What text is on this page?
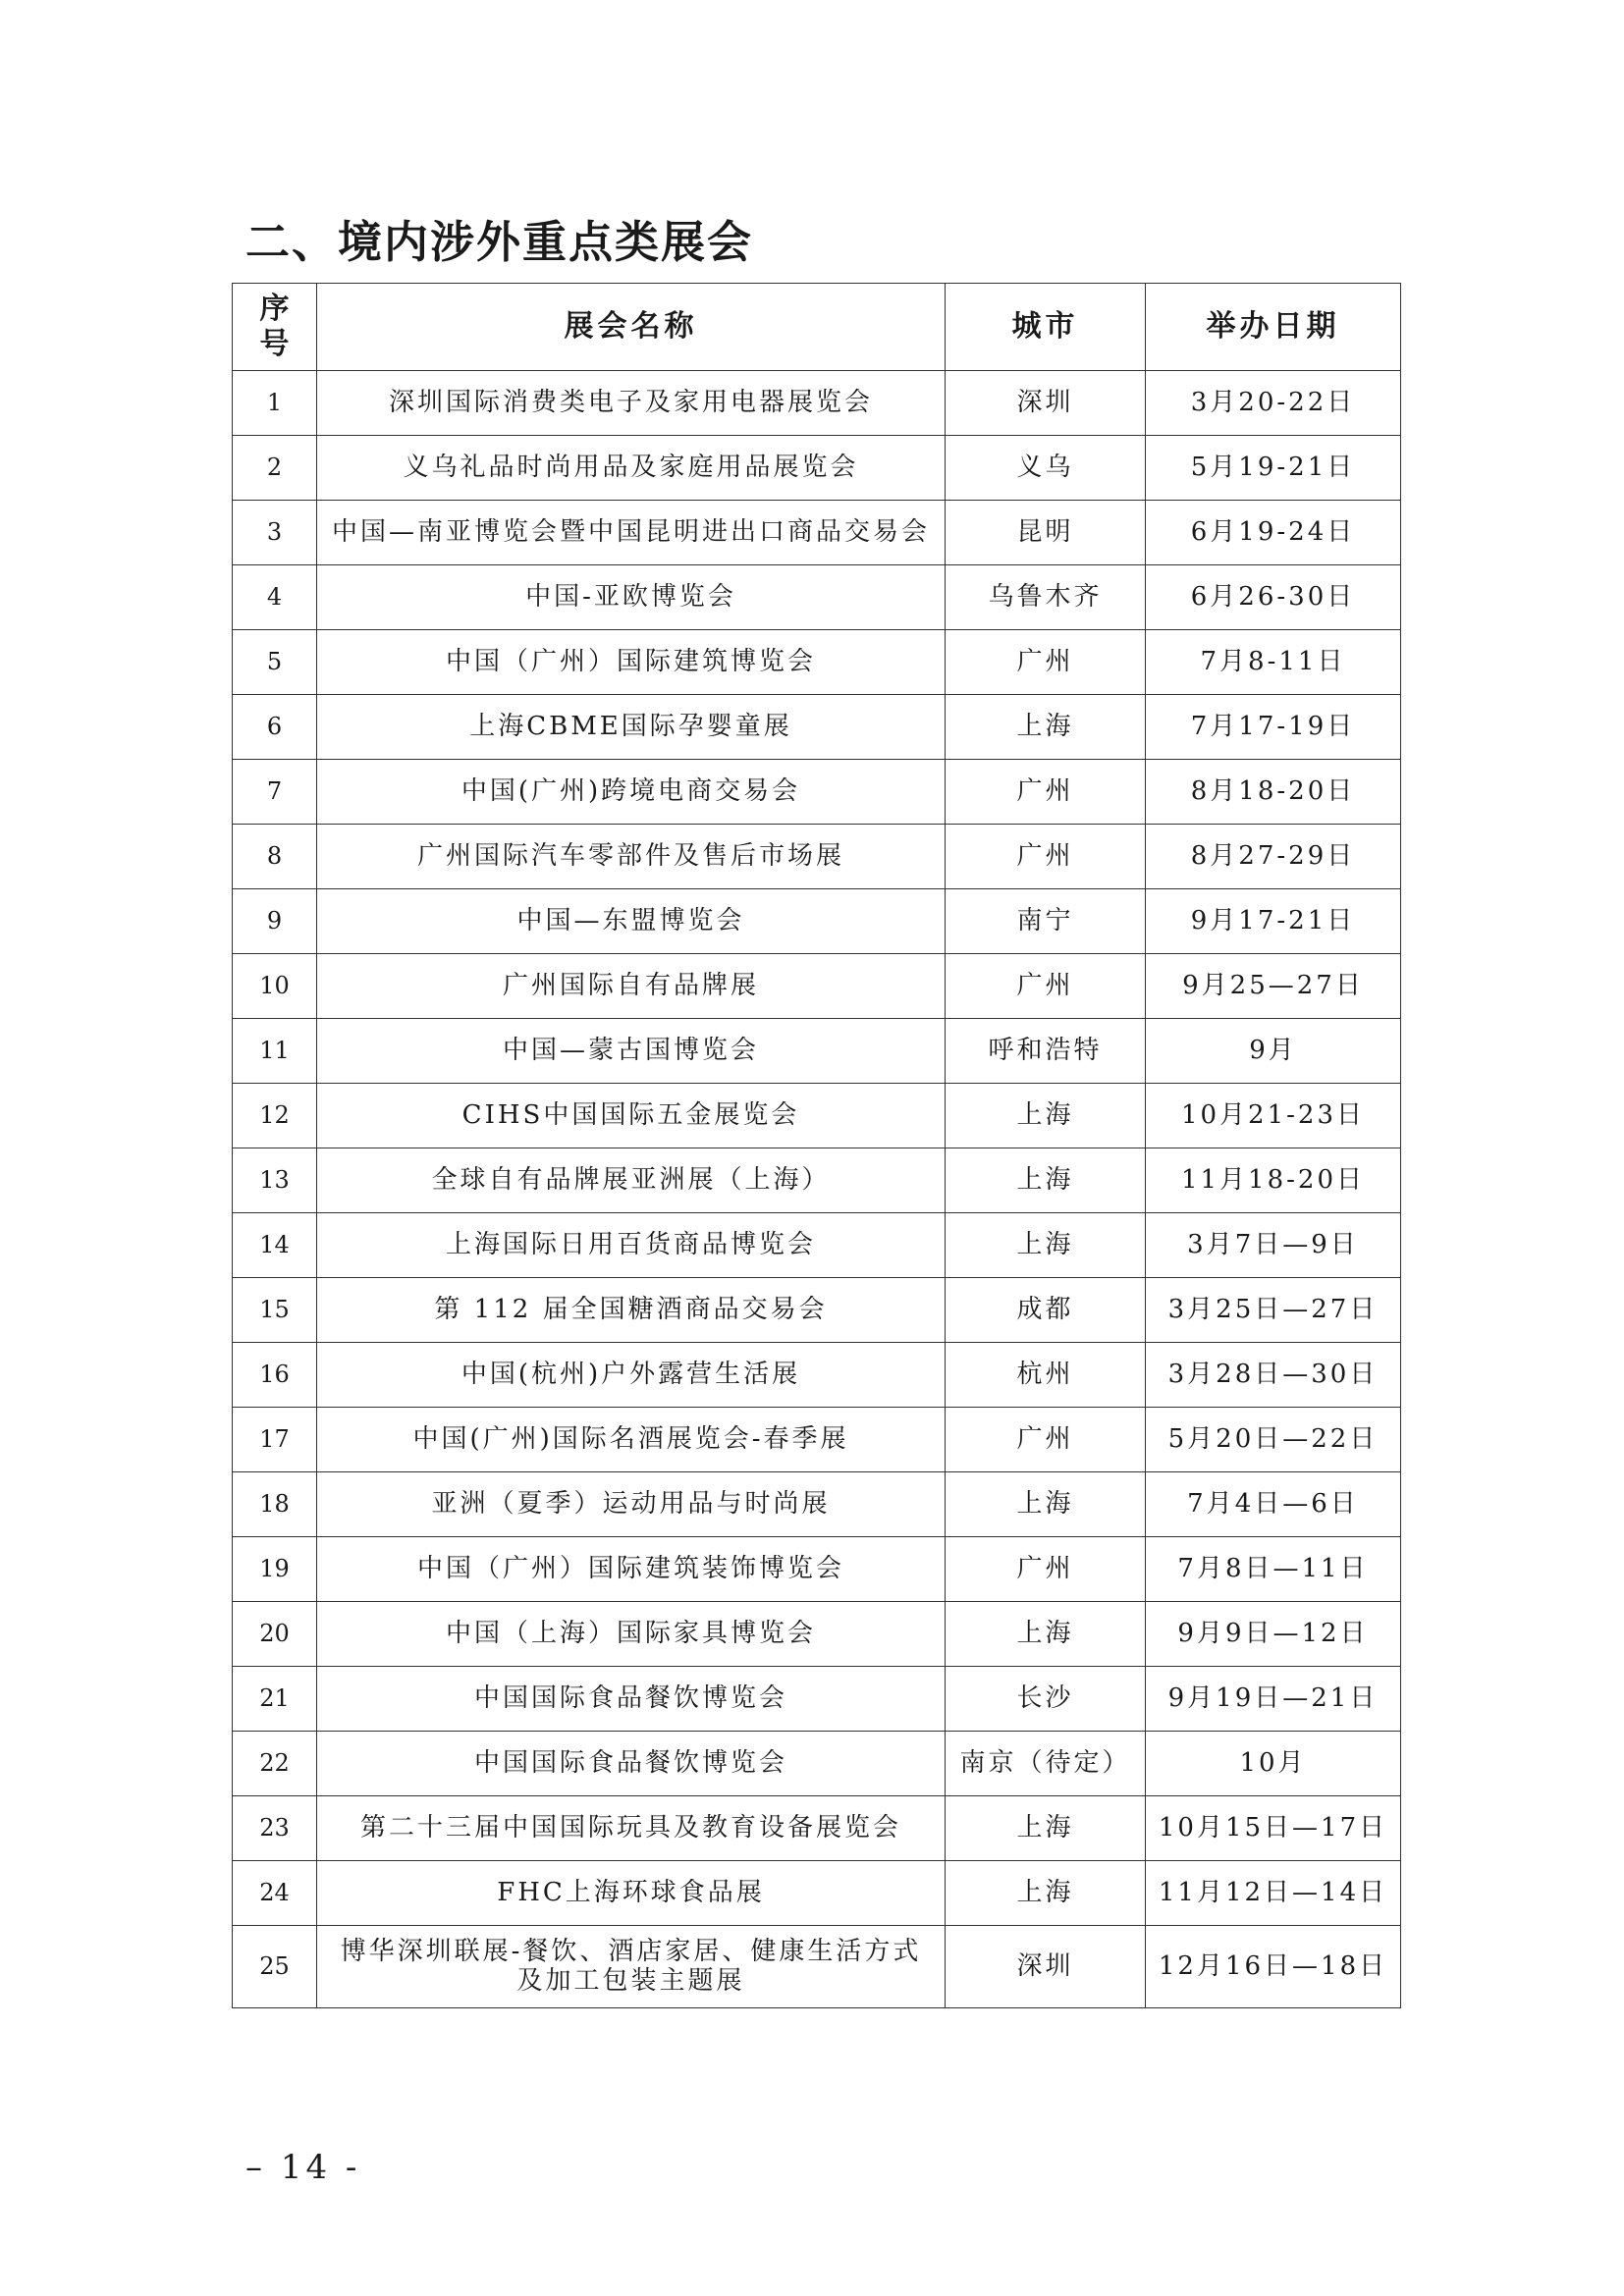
二、境内涉外重点类展会
序
号	展会名称	城市	举办日期
1	深圳国际消费类电子及家用电器展览会	深圳	3月20-22日
2	义乌礼品时尚用品及家庭用品展览会	义乌	5月19-21日
3	中国—南亚博览会暨中国昆明进出口商品交易会	昆明	6月19-24日
4	中国-亚欧博览会	乌鲁木齐	6月26-30日
5	中国（广州）国际建筑博览会	广州	7月8-11日
6	上海CBME国际孕婴童展	上海	7月17-19日
7	中国(广州)跨境电商交易会	广州	8月18-20日
8	广州国际汽车零部件及售后市场展	广州	8月27-29日
9	中国—东盟博览会	南宁	9月17-21日
10	广州国际自有品牌展	广州	9月25—27日
11	中国—蒙古国博览会	呼和浩特	9月
12	CIHS中国国际五金展览会	上海	10月21-23日
13	全球自有品牌展亚洲展（上海）	上海	11月18-20日
14	上海国际日用百货商品博览会	上海	3月7日—9日
15	第 112 届全国糖酒商品交易会	成都	3月25日—27日
16	中国(杭州)户外露营生活展	杭州	3月28日—30日
17	中国(广州)国际名酒展览会-春季展	广州	5月20日—22日
18	亚洲（夏季）运动用品与时尚展	上海	7月4日—6日
19	中国（广州）国际建筑装饰博览会	广州	7月8日—11日
20	中国（上海）国际家具博览会	上海	9月9日—12日
21	中国国际食品餐饮博览会	长沙	9月19日—21日
22	中国国际食品餐饮博览会	南京（待定）	10月
23	第二十三届中国国际玩具及教育设备展览会	上海	10月15日—17日
24	FHC上海环球食品展	上海	11月12日—14日
25	博华深圳联展-餐饮、酒店家居、健康生活方式
及加工包装主题展	深圳	12月16日—18日
– 14 -
